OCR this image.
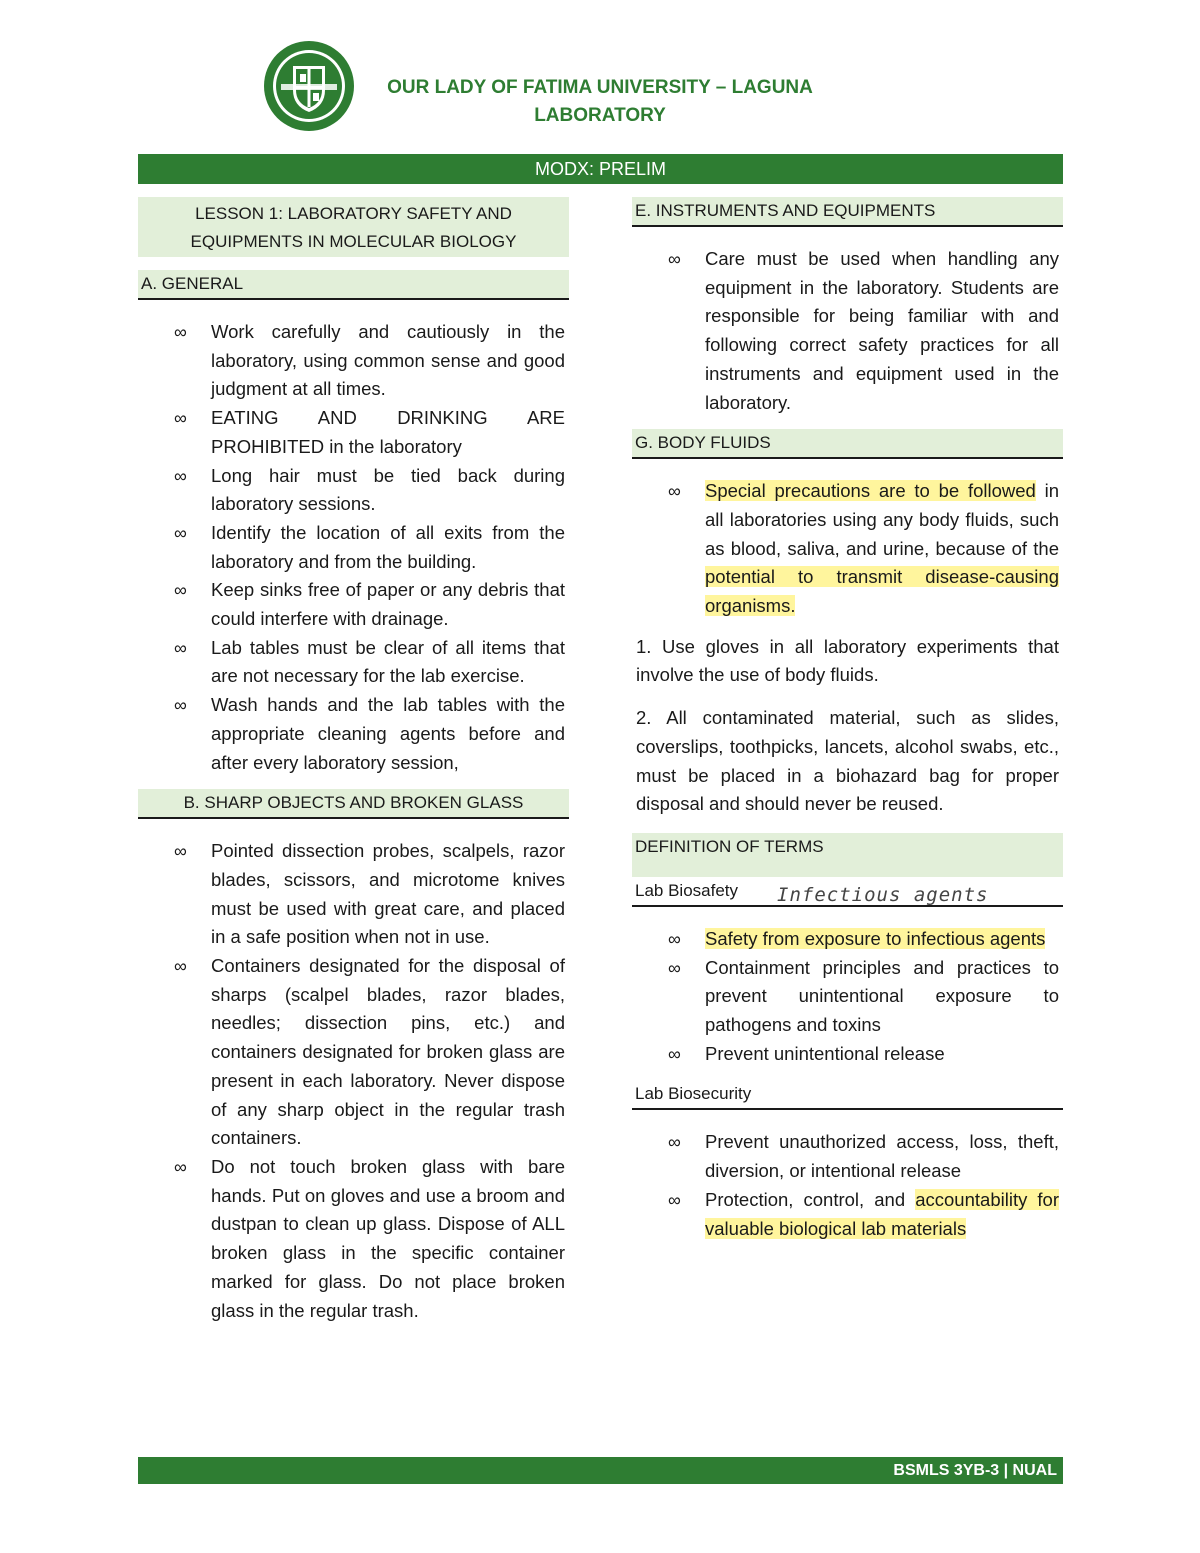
OUR LADY OF FATIMA UNIVERSITY – LAGUNA
LABORATORY
MODX: PRELIM
LESSON 1: LABORATORY SAFETY AND EQUIPMENTS IN MOLECULAR BIOLOGY
A. GENERAL
∞ Work carefully and cautiously in the laboratory, using common sense and good judgment at all times.
∞ EATING AND DRINKING ARE PROHIBITED in the laboratory
∞ Long hair must be tied back during laboratory sessions.
∞ Identify the location of all exits from the laboratory and from the building.
∞ Keep sinks free of paper or any debris that could interfere with drainage.
∞ Lab tables must be clear of all items that are not necessary for the lab exercise.
∞ Wash hands and the lab tables with the appropriate cleaning agents before and after every laboratory session,
B. SHARP OBJECTS AND BROKEN GLASS
∞ Pointed dissection probes, scalpels, razor blades, scissors, and microtome knives must be used with great care, and placed in a safe position when not in use.
∞ Containers designated for the disposal of sharps (scalpel blades, razor blades, needles; dissection pins, etc.) and containers designated for broken glass are present in each laboratory. Never dispose of any sharp object in the regular trash containers.
∞ Do not touch broken glass with bare hands. Put on gloves and use a broom and dustpan to clean up glass. Dispose of ALL broken glass in the specific container marked for glass. Do not place broken glass in the regular trash.
E. INSTRUMENTS AND EQUIPMENTS
∞ Care must be used when handling any equipment in the laboratory. Students are responsible for being familiar with and following correct safety practices for all instruments and equipment used in the laboratory.
G. BODY FLUIDS
∞ Special precautions are to be followed in all laboratories using any body fluids, such as blood, saliva, and urine, because of the potential to transmit disease-causing organisms.

1. Use gloves in all laboratory experiments that involve the use of body fluids.

2. All contaminated material, such as slides, coverslips, toothpicks, lancets, alcohol swabs, etc., must be placed in a biohazard bag for proper disposal and should never be reused.

DEFINITION OF TERMS
Lab Biosafety Infectious agents
∞ Safety from exposure to infectious agents
∞ Containment principles and practices to prevent unintentional exposure to pathogens and toxins
∞ Prevent unintentional release
Lab Biosecurity
∞ Prevent unauthorized access, loss, theft, diversion, or intentional release
∞ Protection, control, and accountability for valuable biological lab materials
BSMLS 3YB-3 | NUAL
